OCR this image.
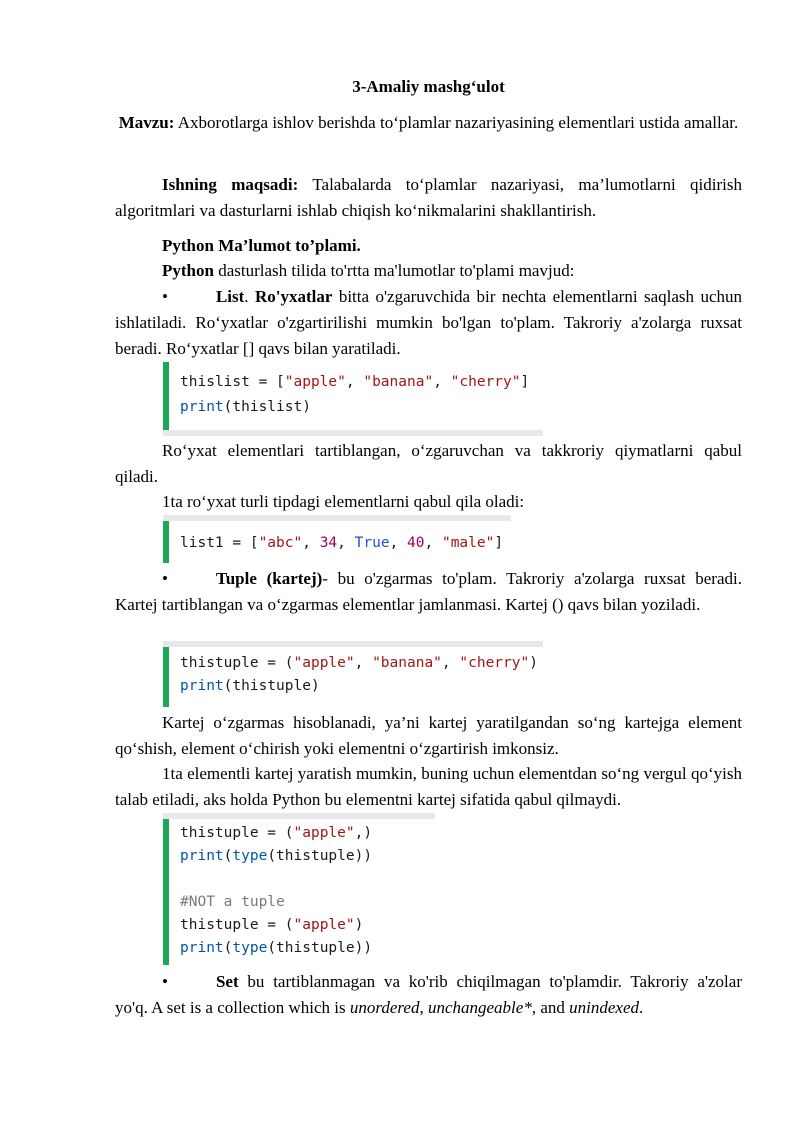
3-Amaliy mashg‘ulot
Mavzu: Axborotlarga ishlov berishda to‘plamlar nazariyasining elementlari ustida amallar.
Ishning maqsadi: Talabalarda to‘plamlar nazariyasi, ma’lumotlarni qidirish algoritmlari va dasturlarni ishlab chiqish ko‘nikmalarini shakllantirish.
Python Ma’lumot to’plami.
Python dasturlash tilida to'rtta ma'lumotlar to'plami mavjud:
•	List. Ro'yxatlar bitta o'zgaruvchida bir nechta elementlarni saqlash uchun ishlatiladi. Ro‘yxatlar o'zgartirilishi mumkin bo'lgan to'plam. Takroriy a'zolarga ruxsat beradi. Ro‘yxatlar [] qavs bilan yaratiladi.
thislist = ["apple", "banana", "cherry"]
print(thislist)
Ro‘yxat elementlari tartiblangan, o‘zgaruvchan va takkroriy qiymatlarni qabul qiladi.
1ta ro‘yxat turli tipdagi elementlarni qabul qila oladi:
list1 = ["abc", 34, True, 40, "male"]
•	Tuple (kartej)- bu o'zgarmas to'plam. Takroriy a'zolarga ruxsat beradi. Kartej tartiblangan va o‘zgarmas elementlar jamlanmasi. Kartej () qavs bilan yoziladi.
thistuple = ("apple", "banana", "cherry")
print(thistuple)
Kartej o‘zgarmas hisoblanadi, ya’ni kartej yaratilgandan so‘ng kartejga element qo‘shish, element o‘chirish yoki elementni o‘zgartirish imkonsiz.
1ta elementli kartej yaratish mumkin, buning uchun elementdan so‘ng vergul qo‘yish talab etiladi, aks holda Python bu elementni kartej sifatida qabul qilmaydi.
thistuple = ("apple",)
print(type(thistuple))
#NOT a tuple
thistuple = ("apple")
print(type(thistuple))
•	Set bu tartiblanmagan va ko'rib chiqilmagan to'plamdir. Takroriy a'zolar yo'q. A set is a collection which is unordered, unchangeable*, and unindexed.
